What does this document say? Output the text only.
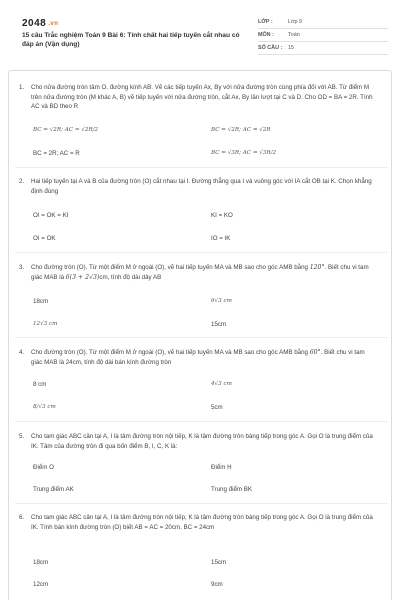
2048 .vn
15 câu Trắc nghiệm Toán 9 Bài 6: Tính chất hai tiếp tuyến cắt nhau có đáp án (Vận dụng)
LỚP :	Lớp 9
MÔN :	Toán
SỐ CÂU :	15
1.	Cho nửa đường tròn tâm O, đường kính AB. Vẽ các tiếp tuyến Ax, By với nửa đường tròn cùng phía đối với AB. Từ điểm M trên nửa đường tròn (M khác A, B) vẽ tiếp tuyến với nửa đường tròn, cắt Ax, By lần lượt tại C và D. Cho OD = BA = 2R. Tính AC và BD theo R
BC = √2R; AC = √2R/2	BC = √2R; AC = √2R
BC = 2R; AC = R	BC = √3R; AC = √3R/2
2.	Hai tiếp tuyến tại A và B của đường tròn (O) cắt nhau tại I. Đường thẳng qua I và vuông góc với IA cắt OB tại K. Chọn khẳng định đúng
OI = OK = KI	KI = KO
OI = OK	IO = IK
3.	Cho đường tròn (O). Từ một điểm M ở ngoài (O), vẽ hai tiếp tuyến MA và MB sao cho góc AMB bằng 120°. Biết chu vi tam giác MAB là 6(3 + 2√3)cm, tính độ dài dây AB
18cm	6√3 cm
12√3 cm	15cm
4.	Cho đường tròn (O). Từ một điểm M ở ngoài (O), vẽ hai tiếp tuyến MA và MB sao cho góc AMB bằng 60°. Biết chu vi tam giác MAB là 24cm, tính độ dài bán kính đường tròn
8 cm	4√3 cm
8/√3 cm	5cm
5.	Cho tam giác ABC cân tại A, I là tâm đường tròn nội tiếp, K là tâm đường tròn bàng tiếp trong góc A. Gọi O là trung điểm của IK. Tâm của đường tròn đi qua bốn điểm B, I, C, K là:
Điểm O	Điểm H
Trung điểm AK	Trung điểm BK
6.	Cho tam giác ABC cân tại A, I là tâm đường tròn nội tiếp, K là tâm đường tròn bàng tiếp trong góc A. Gọi O là trung điểm của IK. Tính bán kính đường tròn (O) biết AB = AC = 20cm, BC = 24cm
18cm	15cm
12cm	9cm
